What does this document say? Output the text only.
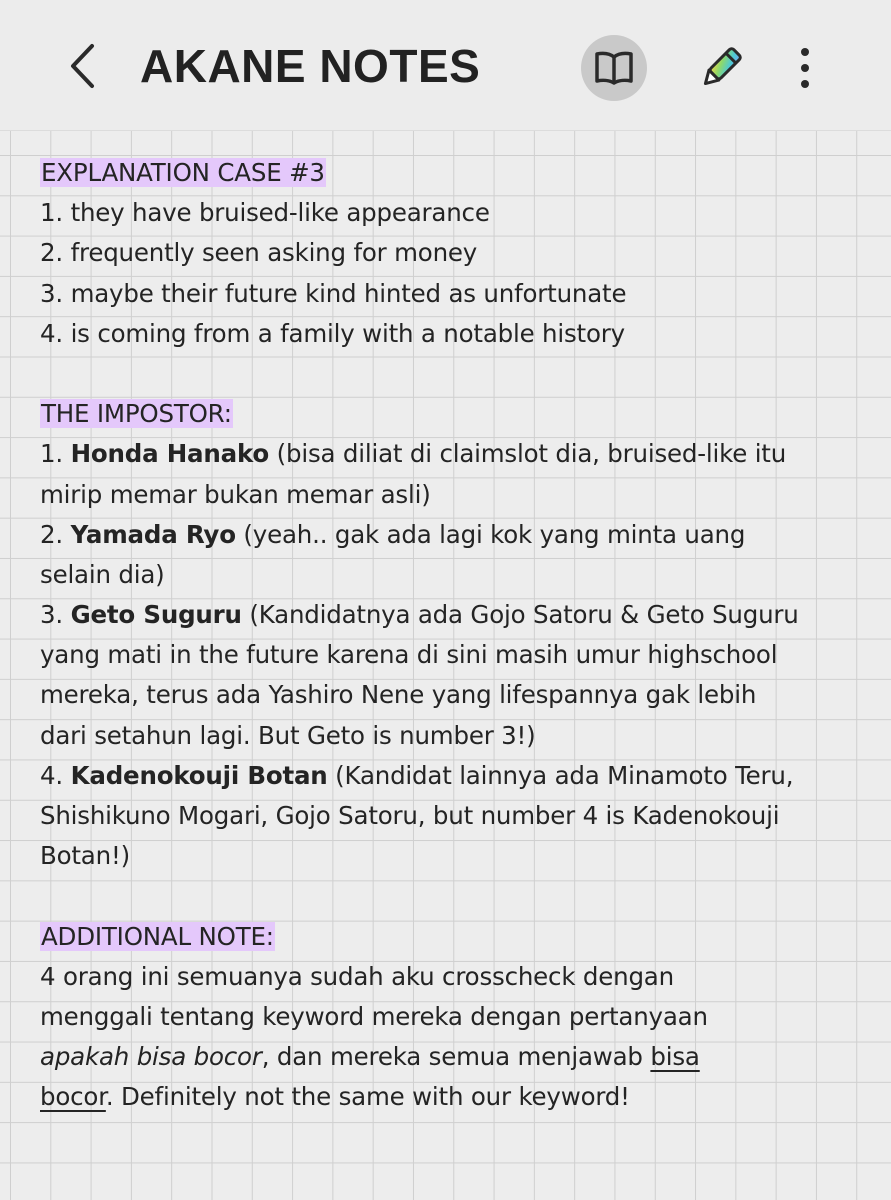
AKANE NOTES
EXPLANATION CASE #3
1. they have bruised-like appearance
2. frequently seen asking for money
3. maybe their future kind hinted as unfortunate
4. is coming from a family with a notable history
THE IMPOSTOR:
1. Honda Hanako (bisa diliat di claimslot dia, bruised-like itu
mirip memar bukan memar asli)
2. Yamada Ryo (yeah.. gak ada lagi kok yang minta uang
selain dia)
3. Geto Suguru (Kandidatnya ada Gojo Satoru & Geto Suguru
yang mati in the future karena di sini masih umur highschool
mereka, terus ada Yashiro Nene yang lifespannya gak lebih
dari setahun lagi. But Geto is number 3!)
4. Kadenokouji Botan (Kandidat lainnya ada Minamoto Teru,
Shishikuno Mogari, Gojo Satoru, but number 4 is Kadenokouji
Botan!)
ADDITIONAL NOTE:
4 orang ini semuanya sudah aku crosscheck dengan
menggali tentang keyword mereka dengan pertanyaan
apakah bisa bocor, dan mereka semua menjawab bisa
bocor. Definitely not the same with our keyword!
